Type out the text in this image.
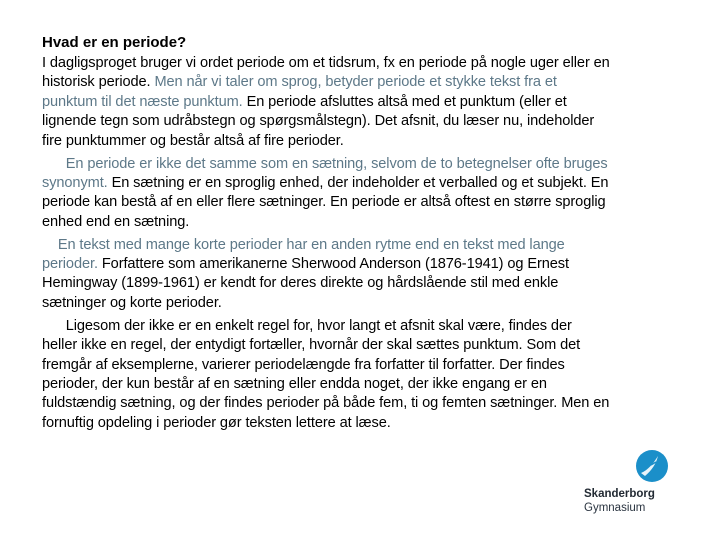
Hvad er en periode?
I dagligsproget bruger vi ordet periode om et tidsrum, fx en periode på nogle uger eller en
historisk periode. Men når vi taler om sprog, betyder periode et stykke tekst fra et
punktum til det næste punktum. En periode afsluttes altså med et punktum (eller et
lignende tegn som udråbstegn og spørgsmålstegn). Det afsnit, du læser nu, indeholder
fire punktummer og består altså af fire perioder.
En periode er ikke det samme som en sætning, selvom de to betegnelser ofte bruges
synonymt. En sætning er en sproglig enhed, der indeholder et verballed og et subjekt. En
periode kan bestå af en eller flere sætninger. En periode er altså oftest en større sproglig
enhed end en sætning.
En tekst med mange korte perioder har en anden rytme end en tekst med lange
perioder. Forfattere som amerikanerne Sherwood Anderson (1876-1941) og Ernest
Hemingway (1899-1961) er kendt for deres direkte og hårdslående stil med enkle
sætninger og korte perioder.
Ligesom der ikke er en enkelt regel for, hvor langt et afsnit skal være, findes der
heller ikke en regel, der entydigt fortæller, hvornår der skal sættes punktum. Som det
fremgår af eksemplerne, varierer periodelængde fra forfatter til forfatter. Der findes
perioder, der kun består af en sætning eller endda noget, der ikke engang er en
fuldstændig sætning, og der findes perioder på både fem, ti og femten sætninger. Men en
fornuftig opdeling i perioder gør teksten lettere at læse.
Skanderborg
Gymnasium
